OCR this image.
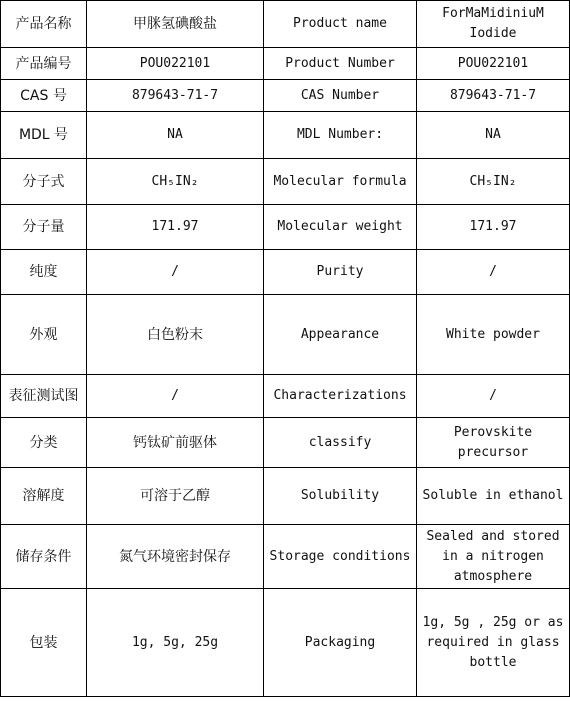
产品名称	甲脒氢碘酸盐	Product name	ForMaMidiniuM Iodide
产品编号	POU022101	Product Number	POU022101
CAS 号	879643-71-7	CAS Number	879643-71-7
MDL 号	NA	MDL Number:	NA
分子式	CH₅IN₂	Molecular formula	CH₅IN₂
分子量	171.97	Molecular weight	171.97
纯度	/	Purity	/
外观	白色粉末	Appearance	White powder
表征测试图	/	Characterizations	/
分类	钙钛矿前驱体	classify	Perovskite precursor
溶解度	可溶于乙醇	Solubility	Soluble in ethanol
储存条件	氮气环境密封保存	Storage conditions	Sealed and stored in a nitrogen atmosphere
包装	1g, 5g, 25g	Packaging	1g, 5g , 25g or as required in glass bottle
